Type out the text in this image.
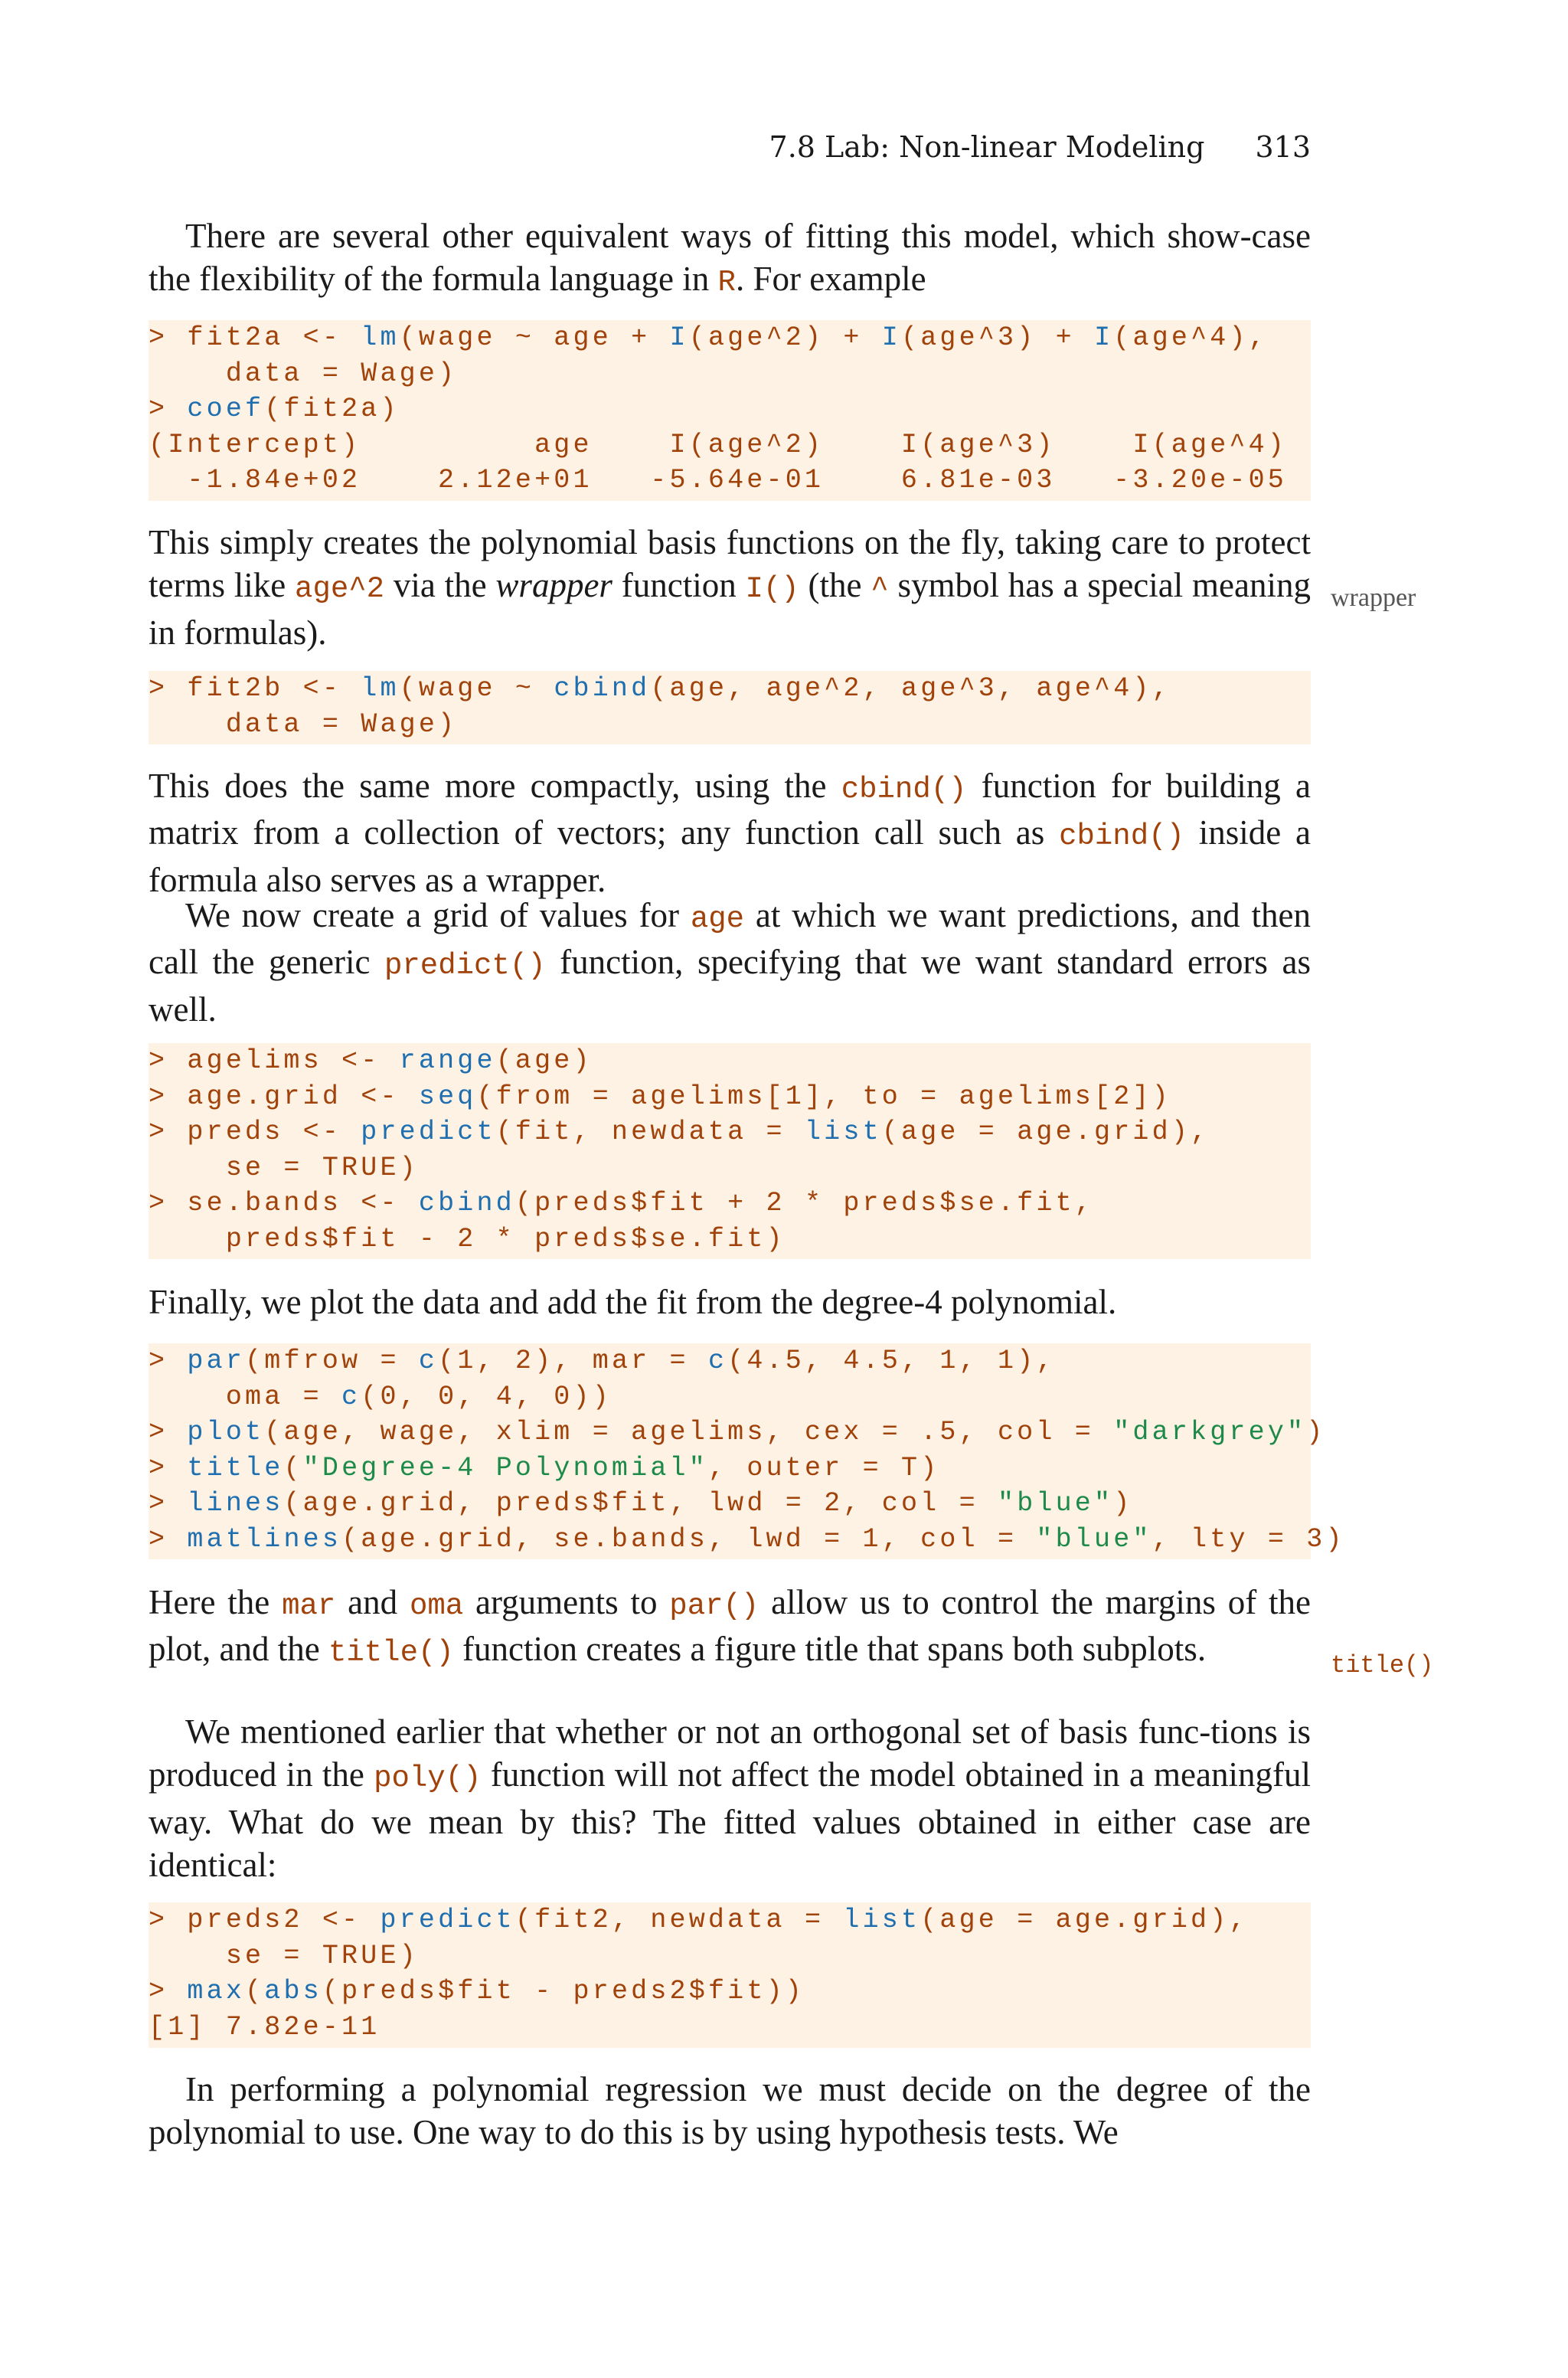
7.8 Lab: Non-linear Modeling 313

There are several other equivalent ways of fitting this model, which show-case the flexibility of the formula language in R. For example

> fit2a <- lm(wage ~ age + I(age^2) + I(age^3) + I(age^4),
data = Wage)
> coef(fit2a)
(Intercept)         age    I(age^2)    I(age^3)    I(age^4)
-1.84e+02    2.12e+01   -5.64e-01    6.81e-03   -3.20e-05

This simply creates the polynomial basis functions on the fly, taking care to protect terms like age^2 via the wrapper function I() (the ^ symbol has a special meaning in formulas).

wrapper
> fit2b <- lm(wage ~ cbind(age, age^2, age^3, age^4),
data = Wage)

This does the same more compactly, using the cbind() function for building a matrix from a collection of vectors; any function call such as cbind() inside a formula also serves as a wrapper.

We now create a grid of values for age at which we want predictions, and then call the generic predict() function, specifying that we want standard errors as well.

> agelims <- range(age)
> age.grid <- seq(from = agelims[1], to = agelims[2])
> preds <- predict(fit, newdata = list(age = age.grid),
se = TRUE)
> se.bands <- cbind(preds$fit + 2 * preds$se.fit,
preds$fit - 2 * preds$se.fit)

Finally, we plot the data and add the fit from the degree-4 polynomial.

> par(mfrow = c(1, 2), mar = c(4.5, 4.5, 1, 1),
oma = c(0, 0, 4, 0))
> plot(age, wage, xlim = agelims, cex = .5, col = "darkgrey")
> title("Degree-4 Polynomial", outer = T)
> lines(age.grid, preds$fit, lwd = 2, col = "blue")
> matlines(age.grid, se.bands, lwd = 1, col = "blue", lty = 3)

Here the mar and oma arguments to par() allow us to control the margins of the plot, and the title() function creates a figure title that spans both subplots.	title()

We mentioned earlier that whether or not an orthogonal set of basis func-tions is produced in the poly() function will not affect the model obtained in a meaningful way. What do we mean by this? The fitted values obtained in either case are identical:

> preds2 <- predict(fit2, newdata = list(age = age.grid),
se = TRUE)
> max(abs(preds$fit - preds2$fit))
[1] 7.82e-11

In performing a polynomial regression we must decide on the degree of the polynomial to use. One way to do this is by using hypothesis tests. We
